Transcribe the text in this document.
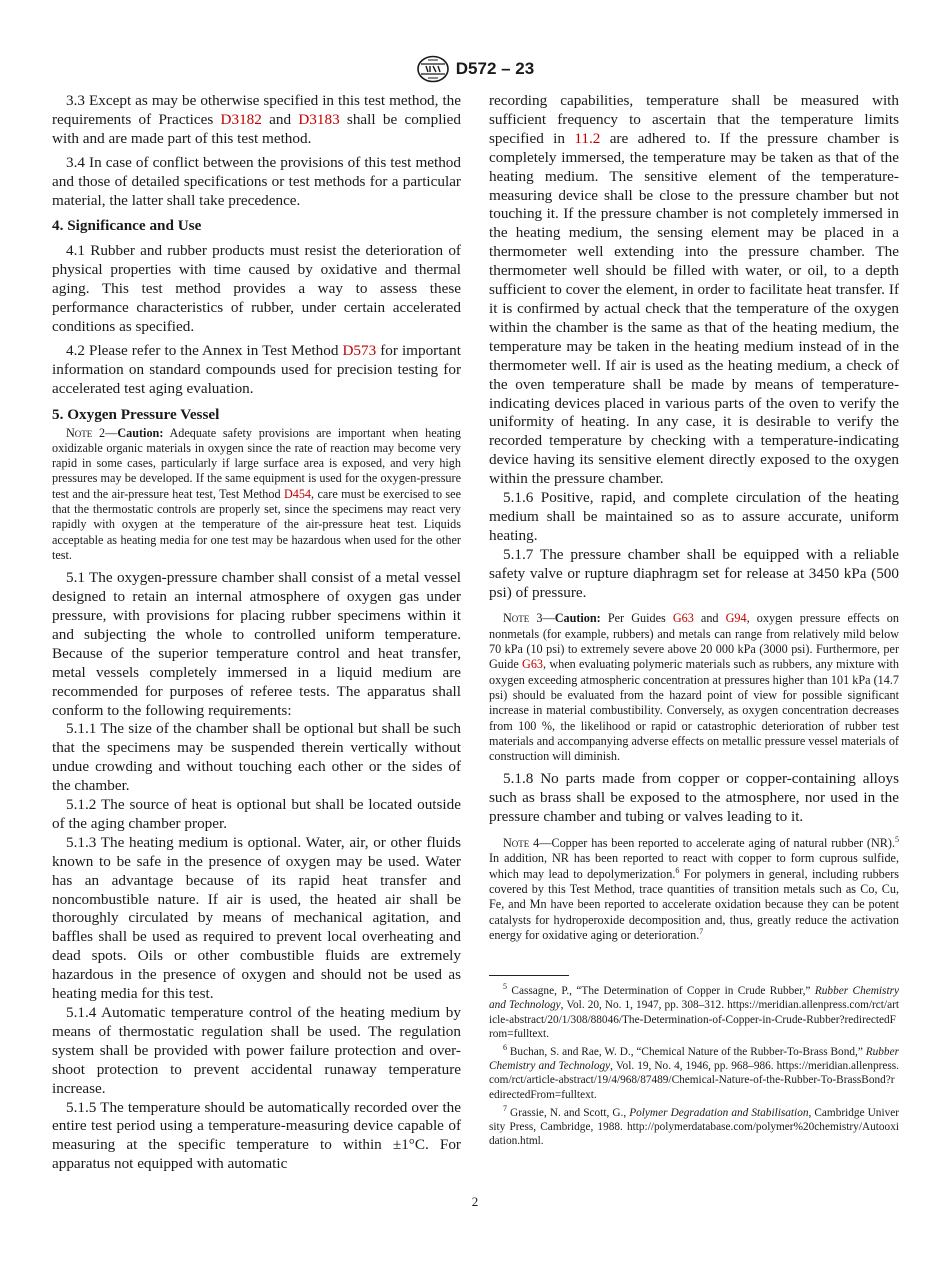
D572 – 23

3.3 Except as may be otherwise specified in this test method, the requirements of Practices D3182 and D3183 shall be complied with and are made part of this test method.

3.4 In case of conflict between the provisions of this test method and those of detailed specifications or test methods for a particular material, the latter shall take precedence.

4. Significance and Use

4.1 Rubber and rubber products must resist the deterioration of physical properties with time caused by oxidative and thermal aging. This test method provides a way to assess these performance characteristics of rubber, under certain accelerated conditions as specified.

4.2 Please refer to the Annex in Test Method D573 for important information on standard compounds used for precision testing for accelerated test aging evaluation.

5. Oxygen Pressure Vessel

Note 2—Caution: Adequate safety provisions are important when heating oxidizable organic materials in oxygen since the rate of reaction may become very rapid in some cases, particularly if large surface area is exposed, and very high pressures may be developed. If the same equipment is used for the oxygen-pressure test and the air-pressure heat test, Test Method D454, care must be exercised to see that the thermostatic controls are properly set, since the specimens may react very rapidly with oxygen at the temperature of the air-pressure heat test. Liquids acceptable as heating media for one test may be hazardous when used for the other test.

5.1 The oxygen-pressure chamber shall consist of a metal vessel designed to retain an internal atmosphere of oxygen gas under pressure, with provisions for placing rubber specimens within it and subjecting the whole to controlled uniform temperature. Because of the superior temperature control and heat transfer, metal vessels completely immersed in a liquid medium are recommended for purposes of referee tests. The apparatus shall conform to the following requirements:

5.1.1 The size of the chamber shall be optional but shall be such that the specimens may be suspended therein vertically without undue crowding and without touching each other or the sides of the chamber.

5.1.2 The source of heat is optional but shall be located outside of the aging chamber proper.

5.1.3 The heating medium is optional. Water, air, or other fluids known to be safe in the presence of oxygen may be used. Water has an advantage because of its rapid heat transfer and noncombustible nature. If air is used, the heated air shall be thoroughly circulated by means of mechanical agitation, and baffles shall be used as required to prevent local overheating and dead spots. Oils or other combustible fluids are extremely hazardous in the presence of oxygen and should not be used as heating media for this test.

5.1.4 Automatic temperature control of the heating medium by means of thermostatic regulation shall be used. The regulation system shall be provided with power failure protection and over-shoot protection to prevent accidental runaway temperature increase.

5.1.5 The temperature should be automatically recorded over the entire test period using a temperature-measuring device capable of measuring at the specific temperature to within ±1°C. For apparatus not equipped with automatic

recording capabilities, temperature shall be measured with sufficient frequency to ascertain that the temperature limits specified in 11.2 are adhered to. If the pressure chamber is completely immersed, the temperature may be taken as that of the heating medium. The sensitive element of the temperature-measuring device shall be close to the pressure chamber but not touching it. If the pressure chamber is not completely immersed in the heating medium, the sensing element may be placed in a thermometer well extending into the pressure chamber. The thermometer well should be filled with water, or oil, to a depth sufficient to cover the element, in order to facilitate heat transfer. If it is confirmed by actual check that the temperature of the oxygen within the chamber is the same as that of the heating medium, the temperature may be taken in the heating medium instead of in the thermometer well. If air is used as the heating medium, a check of the oven temperature shall be made by means of temperature-indicating devices placed in various parts of the oven to verify the uniformity of heating. In any case, it is desirable to verify the recorded temperature by checking with a temperature-indicating device having its sensitive element directly exposed to the oxygen within the pressure chamber.

5.1.6 Positive, rapid, and complete circulation of the heating medium shall be maintained so as to assure accurate, uniform heating.

5.1.7 The pressure chamber shall be equipped with a reliable safety valve or rupture diaphragm set for release at 3450 kPa (500 psi) of pressure.

Note 3—Caution: Per Guides G63 and G94, oxygen pressure effects on nonmetals (for example, rubbers) and metals can range from relatively mild below 70 kPa (10 psi) to extremely severe above 20 000 kPa (3000 psi). Furthermore, per Guide G63, when evaluating polymeric materials such as rubbers, any mixture with oxygen exceeding atmospheric concentration at pressures higher than 101 kPa (14.7 psi) should be evaluated from the hazard point of view for possible significant increase in material combustibility. Conversely, as oxygen concentration decreases from 100 %, the likelihood or rapid or catastrophic deterioration of rubber test materials and accompanying adverse effects on metallic pressure vessel materials of construction will diminish.

5.1.8 No parts made from copper or copper-containing alloys such as brass shall be exposed to the atmosphere, nor used in the pressure chamber and tubing or valves leading to it.

Note 4—Copper has been reported to accelerate aging of natural rubber (NR).$^5$ In addition, NR has been reported to react with copper to form cuprous sulfide, which may lead to depolymerization.$^6$ For polymers in general, including rubbers covered by this Test Method, trace quantities of transition metals such as Co, Cu, Fe, and Mn have been reported to accelerate oxidation because they can be potent catalysts for hydroperoxide decomposition and, thus, greatly reduce the activation energy for oxidative aging or deterioration.$^7$

$^5$ Cassagne, P., “The Determination of Copper in Crude Rubber,” Rubber Chemistry and Technology, Vol. 20, No. 1, 1947, pp. 308–312. https://meridian.allenpress.com/rct/article-abstract/20/1/308/88046/The-Determination-of-Copper-in-Crude-Rubber?redirectedFrom=fulltext.

$^6$ Buchan, S. and Rae, W. D., “Chemical Nature of the Rubber-To-Brass Bond,” Rubber Chemistry and Technology, Vol. 19, No. 4, 1946, pp. 968–986. https://meridian.allenpress.com/rct/article-abstract/19/4/968/87489/Chemical-Nature-of-the-Rubber-To-BrassBond?redirectedFrom=fulltext.

$^7$ Grassie, N. and Scott, G., Polymer Degradation and Stabilisation, Cambridge University Press, Cambridge, 1988. http://polymerdatabase.com/polymer%20chemistry/Autooxidation.html.

2
